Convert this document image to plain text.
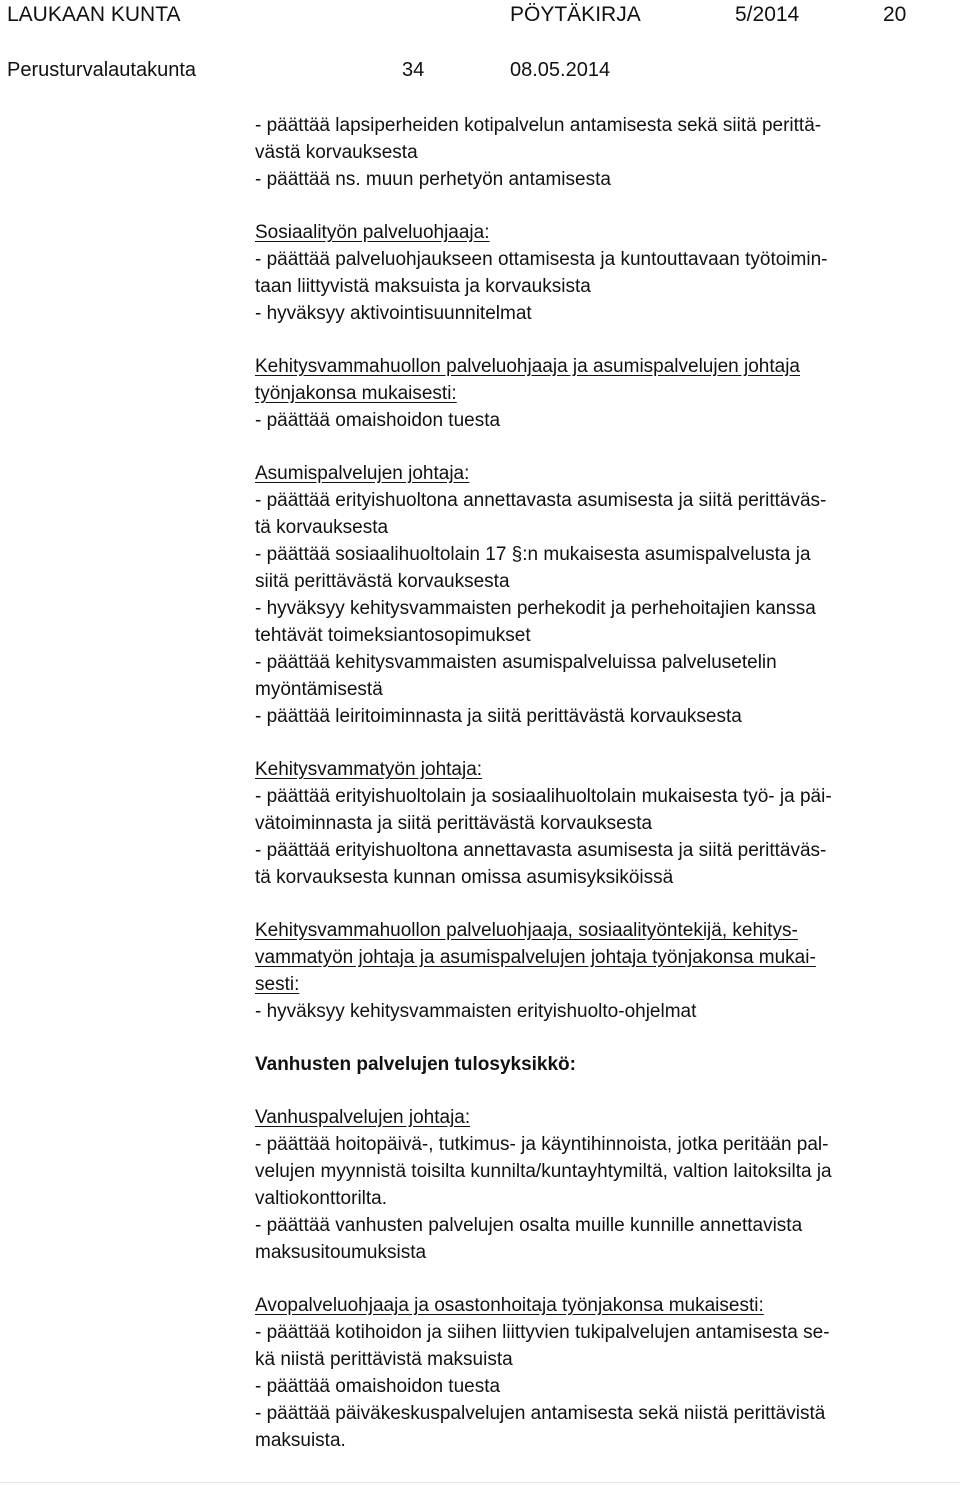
LAUKAAN KUNTA	PÖYTÄKIRJA	5/2014	20
Perusturvalautakunta	34	08.05.2014
- päättää lapsiperheiden kotipalvelun antamisesta sekä siitä perittä-
västä korvauksesta
- päättää ns. muun perhetyön antamisesta
Sosiaalityön palveluohjaaja:
- päättää palveluohjaukseen ottamisesta ja kuntouttavaan työtoimin-
taan liittyvistä maksuista ja korvauksista
- hyväksyy aktivointisuunnitelmat
Kehitysvammahuollon palveluohjaaja ja asumispalvelujen johtaja
työnjakonsa mukaisesti:
- päättää omaishoidon tuesta
Asumispalvelujen johtaja:
- päättää erityishuoltona annettavasta asumisesta ja siitä perittäväs-
tä korvauksesta
- päättää sosiaalihuoltolain 17 §:n mukaisesta asumispalvelusta ja
siitä perittävästä korvauksesta
- hyväksyy kehitysvammaisten perhekodit ja perhehoitajien kanssa
tehtävät toimeksiantosopimukset
- päättää kehitysvammaisten asumispalveluissa palvelusetelin
myöntämisestä
- päättää leiritoiminnasta ja siitä perittävästä korvauksesta
Kehitysvammatyön johtaja:
- päättää erityishuoltolain ja sosiaalihuoltolain mukaisesta työ- ja päi-
vätoiminnasta ja siitä perittävästä korvauksesta
- päättää erityishuoltona annettavasta asumisesta ja siitä perittäväs-
tä korvauksesta kunnan omissa asumisyksiköissä
Kehitysvammahuollon palveluohjaaja, sosiaalityöntekijä, kehitys-
vammatyön johtaja ja asumispalvelujen johtaja työnjakonsa mukai-
sesti:
- hyväksyy kehitysvammaisten erityishuolto-ohjelmat
Vanhusten palvelujen tulosyksikkö:
Vanhuspalvelujen johtaja:
- päättää hoitopäivä-, tutkimus- ja käyntihinnoista, jotka peritään pal-
velujen myynnistä toisilta kunnilta/kuntayhtymiltä, valtion laitoksilta ja
valtiokonttorilta.
- päättää vanhusten palvelujen osalta muille kunnille annettavista
maksusitoumuksista
Avopalveluohjaaja ja osastonhoitaja työnjakonsa mukaisesti:
- päättää kotihoidon ja siihen liittyvien tukipalvelujen antamisesta se-
kä niistä perittävistä maksuista
- päättää omaishoidon tuesta
- päättää päiväkeskuspalvelujen antamisesta sekä niistä perittävistä
maksuista.
